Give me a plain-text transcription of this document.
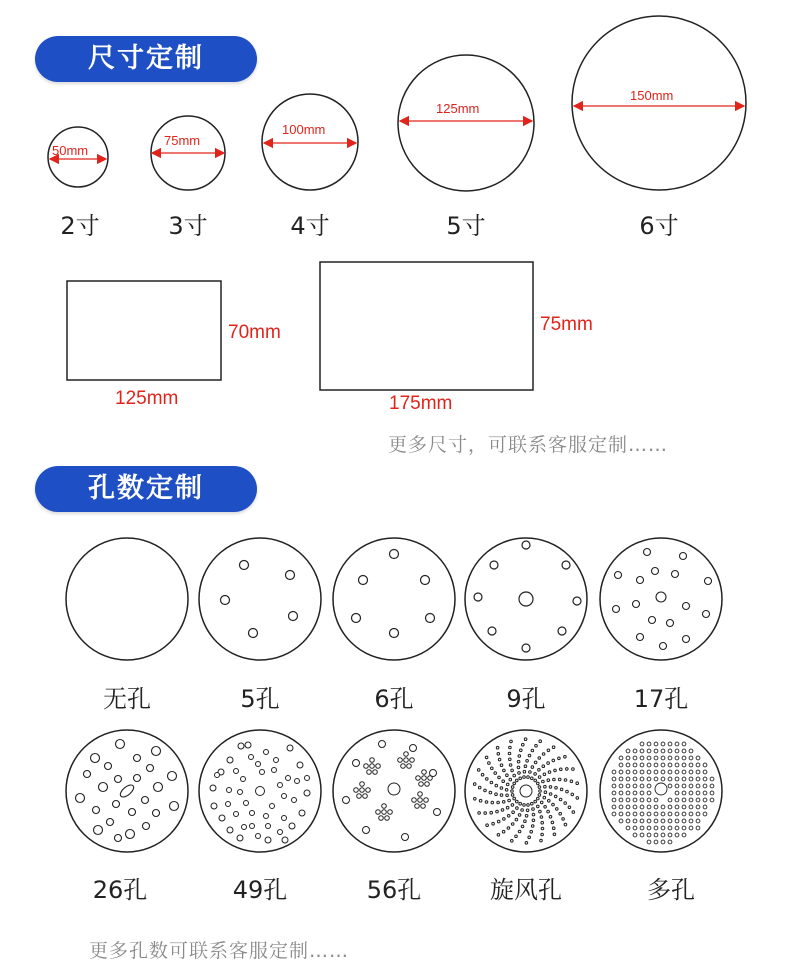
尺寸定制
50mm
75mm
100mm
125mm
150mm
2寸	3寸	4寸	5寸	6寸
70mm
125mm
75mm
175mm
更多尺寸，可联系客服定制……
孔数定制
无孔	5孔	6孔	9孔	17孔
26孔	49孔	56孔	旋风孔	多孔
更多孔数可联系客服定制……
